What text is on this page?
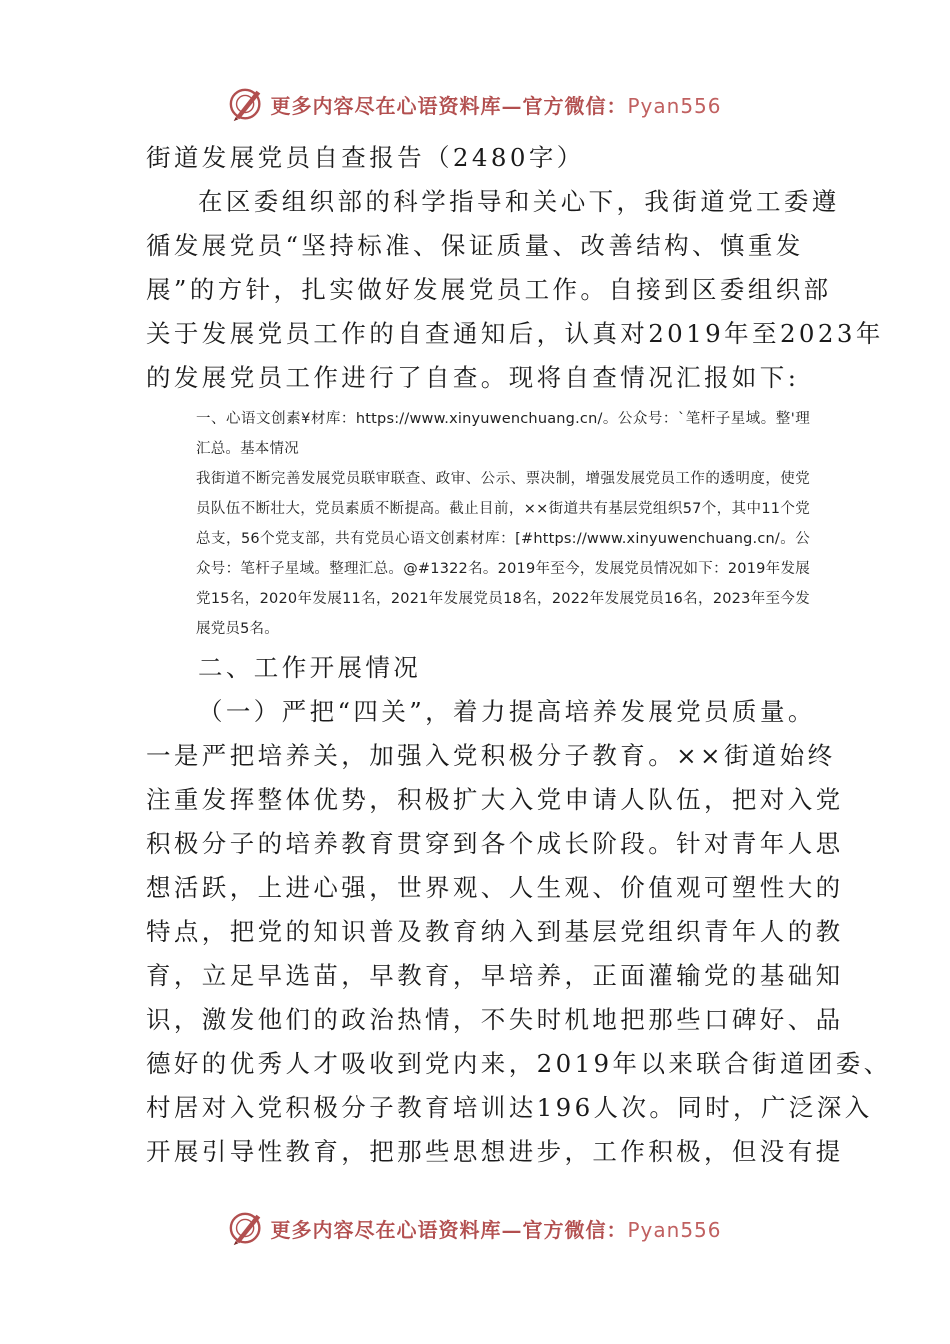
更多内容尽在心语资料库—官方微信：Pyan556

街道发展党员自查报告（2480字）

在区委组织部的科学指导和关心下，我街道党工委遵

循发展党员“坚持标准、保证质量、改善结构、慎重发

展”的方针，扎实做好发展党员工作。自接到区委组织部

关于发展党员工作的自查通知后，认真对2019年至2023年

的发展党员工作进行了自查。现将自查情况汇报如下:

一、心语文创素¥材库：https://www.xinyuwenchuang.cn/。公众号：`笔杆子星域。整'理汇总。基本情况

我街道不断完善发展党员联审联查、政审、公示、票决制，增强发展党员工作的透明度，使党员队伍不断壮大，党员素质不断提高。截止目前，××街道共有基层党组织57个，其中11个党总支，56个党支部，共有党员心语文创素材库：[#https://www.xinyuwenchuang.cn/。公众号：笔杆子星域。整理汇总。@#1322名。2019年至今，发展党员情况如下：2019年发展党15名，2020年发展11名，2021年发展党员18名，2022年发展党员16名，2023年至今发展党员5名。

二、工作开展情况

（一）严把“四关”，着力提高培养发展党员质量。

一是严把培养关，加强入党积极分子教育。××街道始终

注重发挥整体优势，积极扩大入党申请人队伍，把对入党

积极分子的培养教育贯穿到各个成长阶段。针对青年人思

想活跃，上进心强，世界观、人生观、价值观可塑性大的

特点，把党的知识普及教育纳入到基层党组织青年人的教

育，立足早选苗，早教育，早培养，正面灌输党的基础知

识，激发他们的政治热情，不失时机地把那些口碑好、品

德好的优秀人才吸收到党内来，2019年以来联合街道团委、

村居对入党积极分子教育培训达196人次。同时，广泛深入

开展引导性教育，把那些思想进步，工作积极，但没有提

更多内容尽在心语资料库—官方微信：Pyan556
